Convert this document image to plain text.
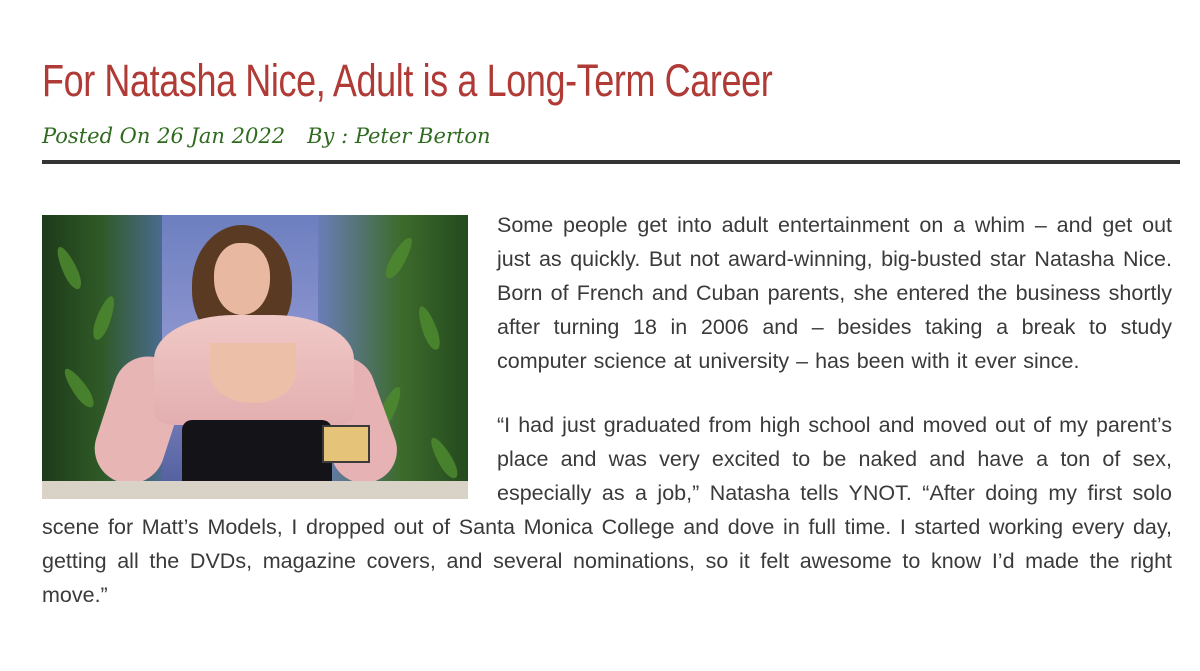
For Natasha Nice, Adult is a Long-Term Career
Posted On 26 Jan 2022 By : Peter Berton

Some people get into adult entertainment on a whim – and get out just as quickly. But not award-winning, big-busted star Natasha Nice. Born of French and Cuban parents, she entered the business shortly after turning 18 in 2006 and – besides taking a break to study computer science at university – has been with it ever since.

“I had just graduated from high school and moved out of my parent’s place and was very excited to be naked and have a ton of sex, especially as a job,” Natasha tells YNOT. “After doing my first solo scene for Matt’s Models, I dropped out of Santa Monica College and dove in full time. I started working every day, getting all the DVDs, magazine covers, and several nominations, so it felt awesome to know I’d made the right move.”
